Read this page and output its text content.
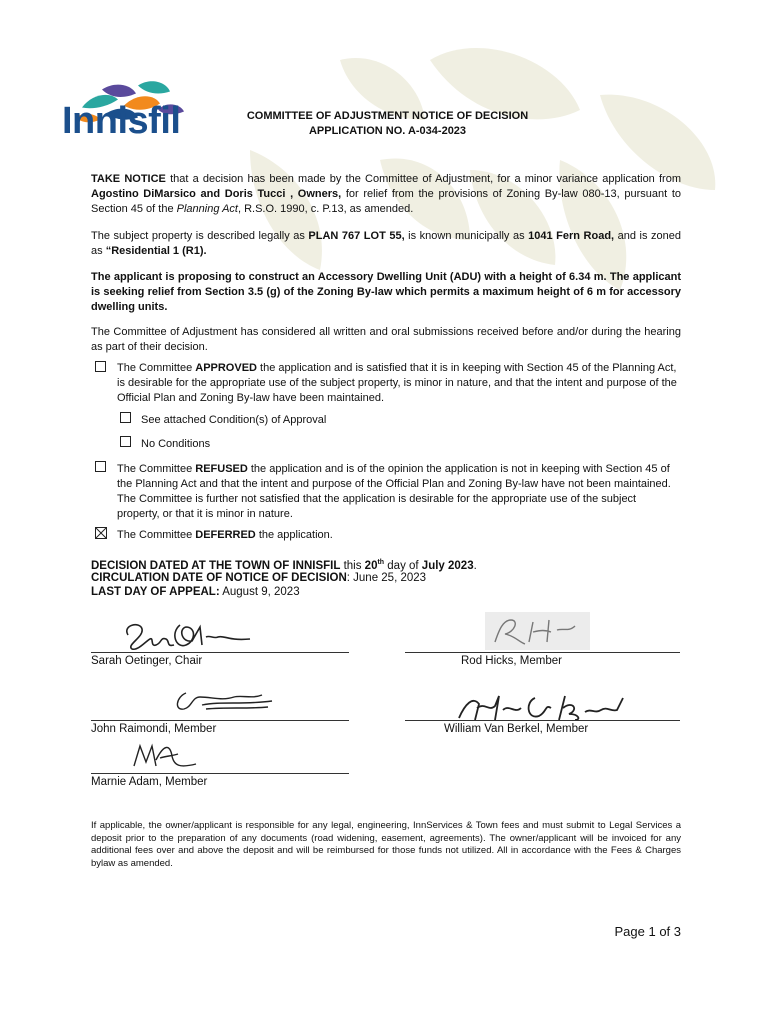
Innisfil	COMMITTEE OF ADJUSTMENT NOTICE OF DECISION
APPLICATION NO. A-034-2023
TAKE NOTICE that a decision has been made by the Committee of Adjustment, for a minor variance application from Agostino DiMarsico and Doris Tucci , Owners, for relief from the provisions of Zoning By-law 080-13, pursuant to Section 45 of the Planning Act, R.S.O. 1990, c. P.13, as amended.
The subject property is described legally as PLAN 767 LOT 55, is known municipally as 1041 Fern Road, and is zoned as “Residential 1 (R1).
The applicant is proposing to construct an Accessory Dwelling Unit (ADU) with a height of 6.34 m. The applicant is seeking relief from Section 3.5 (g) of the Zoning By-law which permits a maximum height of 6 m for accessory dwelling units.
The Committee of Adjustment has considered all written and oral submissions received before and/or during the hearing as part of their decision.
The Committee APPROVED the application and is satisfied that it is in keeping with Section 45 of the Planning Act, is desirable for the appropriate use of the subject property, is minor in nature, and that the intent and purpose of the Official Plan and Zoning By-law have been maintained.
See attached Condition(s) of Approval
No Conditions
The Committee REFUSED the application and is of the opinion the application is not in keeping with Section 45 of the Planning Act and that the intent and purpose of the Official Plan and Zoning By-law have not been maintained. The Committee is further not satisfied that the application is desirable for the appropriate use of the subject property, or that it is minor in nature.
The Committee DEFERRED the application.
DECISION DATED AT THE TOWN OF INNISFIL this 20th day of July 2023.
CIRCULATION DATE OF NOTICE OF DECISION: June 25, 2023
LAST DAY OF APPEAL: August 9, 2023
Sarah Oetinger, Chair	Rod Hicks, Member
John Raimondi, Member	William Van Berkel, Member
Marnie Adam, Member
If applicable, the owner/applicant is responsible for any legal, engineering, InnServices & Town fees and must submit to Legal Services a deposit prior to the preparation of any documents (road widening, easement, agreements). The owner/applicant will be invoiced for any additional fees over and above the deposit and will be reimbursed for those funds not utilized. All in accordance with the Fees & Charges bylaw as amended.
Page 1 of 3
